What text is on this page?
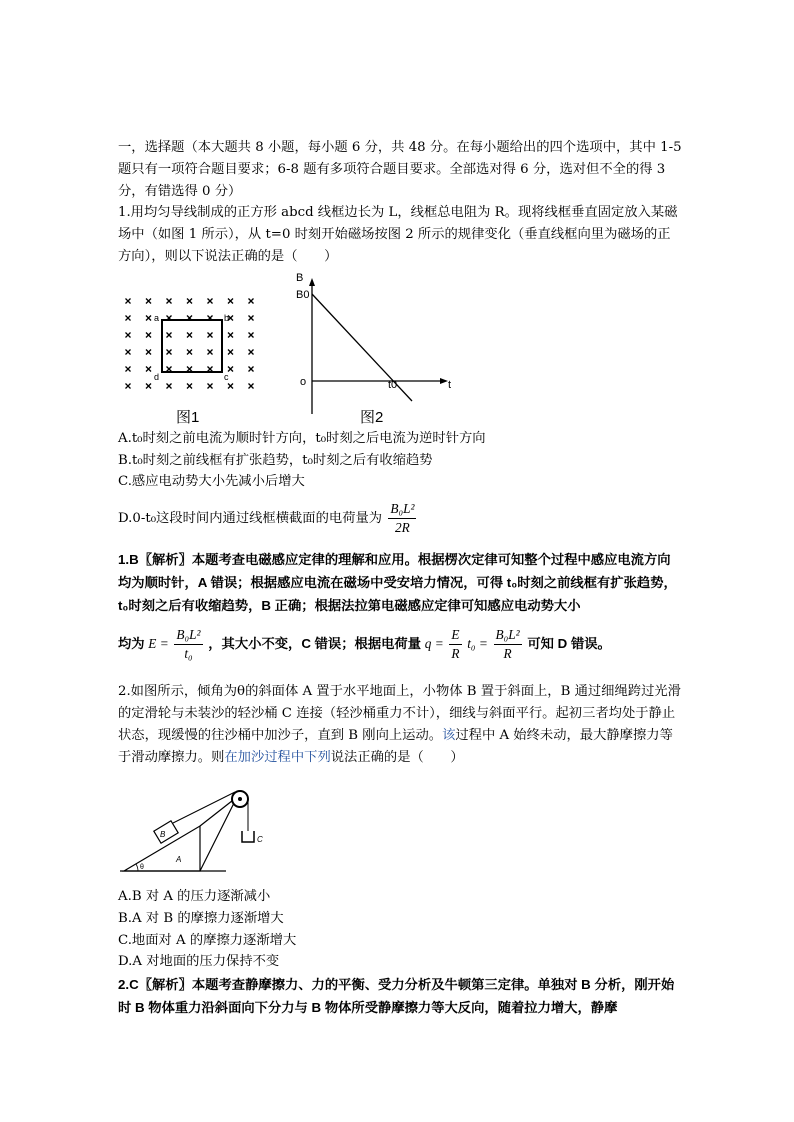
一，选择题（本大题共 8 小题，每小题 6 分，共 48 分。在每小题给出的四个选项中，其中 1-5 题只有一项符合题目要求；6-8 题有多项符合题目要求。全部选对得 6 分，选对但不全的得 3 分，有错选得 0 分）

1.用均匀导线制成的正方形 abcd 线框边长为 L，线框总电阻为 R。现将线框垂直固定放入某磁场中（如图 1 所示），从 t=0 时刻开始磁场按图 2 所示的规律变化（垂直线框向里为磁场的正方向），则以下说法正确的是（　　）

a	b
c
d
图1
B
B0
o	t0	t
图2

A.t₀时刻之前电流为顺时针方向，t₀时刻之后电流为逆时针方向

B.t₀时刻之前线框有扩张趋势，t₀时刻之后有收缩趋势

C.感应电动势大小先减小后增大

D.0-t₀这段时间内通过线框横截面的电荷量为 $\frac{\text{B₀L²}}{2R}$

1.B〖解析〗本题考查电磁感应定律的理解和应用。根据楞次定律可知整个过程中感应电流方向均为顺时针，A 错误；根据感应电流在磁场中受安培力情况，可得 t₀时刻之前线框有扩张趋势，t₀时刻之后有收缩趋势，B 正确；根据法拉第电磁感应定律可知感应电动势大小

均为 $E = \frac{\text{B₀L²}}{\text{t₀}}$ ，其大小不变，C 错误；根据电荷量 $q = \frac{E}{R} t_0 = \frac{\text{B₀L²}}{R}$ 可知 D 错误。

2.如图所示，倾角为θ的斜面体 A 置于水平地面上，小物体 B 置于斜面上，B 通过细绳跨过光滑的定滑轮与未装沙的轻沙桶 C 连接（轻沙桶重力不计），细线与斜面平行。起初三者均处于静止状态，现缓慢的往沙桶中加沙子，直到 B 刚向上运动。该过程中 A 始终未动，最大静摩擦力等于滑动摩擦力。则在加沙过程中下列说法正确的是（　　）

θ
B
A
C

A.B 对 A 的压力逐渐减小

B.A 对 B 的摩擦力逐渐增大

C.地面对 A 的摩擦力逐渐增大

D.A 对地面的压力保持不变

2.C〖解析〗本题考查静摩擦力、力的平衡、受力分析及牛顿第三定律。单独对 B 分析，刚开始时 B 物体重力沿斜面向下分力与 B 物体所受静摩擦力等大反向，随着拉力增大，静摩
